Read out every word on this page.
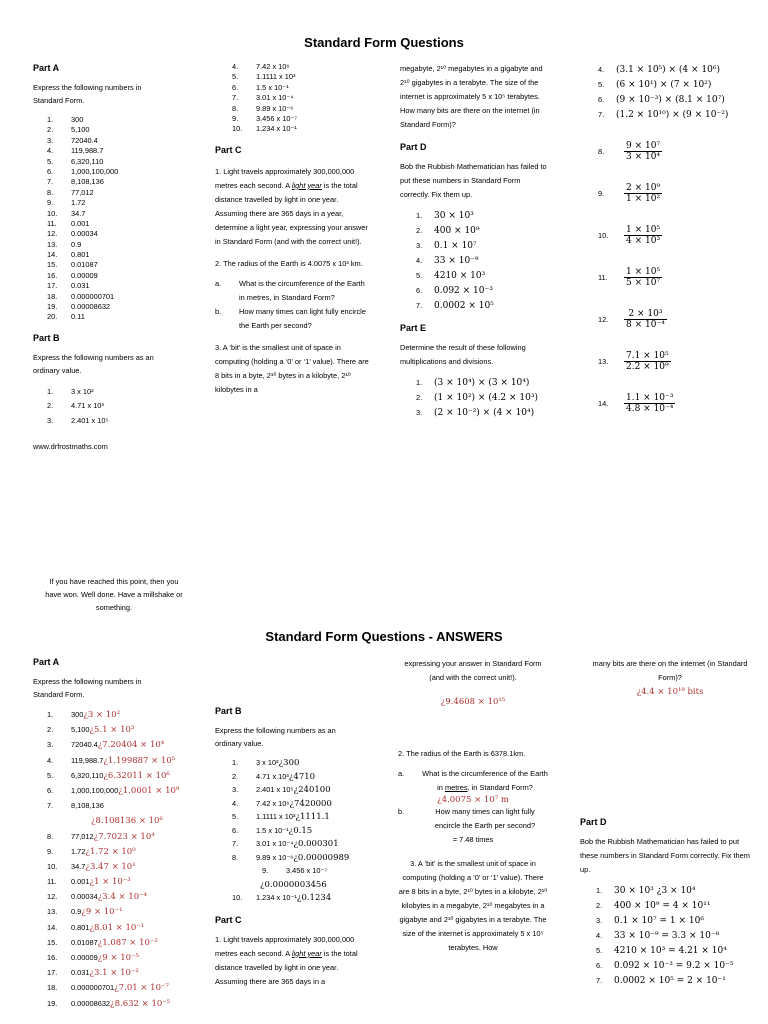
Standard Form Questions
Part A
Express the following numbers in Standard Form.
1. 300
2. 5,100
3. 72040.4
4. 119,988.7
5. 6,320,110
6. 1,000,100,000
7. 8,108,136
8. 77,012
9. 1.72
10. 34.7
11. 0.001
12. 0.00034
13. 0.9
14. 0.801
15. 0.01087
16. 0.00009
17. 0.031
18. 0.000000701
19. 0.00008632
20. 0.11
Part B
Express the following numbers as an ordinary value.
1. 3 x 10²
2. 4.71 x 10³
3. 2.401 x 10⁵
www.drfrostmaths.com
If you have reached this point, then you have won. Well done. Have a millshake or something.
4. 7.42 x 10⁶
5. 1.1111 x 10³
6. 1.5 x 10⁻¹
7. 3.01 x 10⁻⁴
8. 9.89 x 10⁻⁶
9. 3.456 x 10⁻⁷
10. 1.234 x 10⁻¹
Part C
1. Light travels approximately 300,000,000 metres each second. A light year is the total distance travelled by light in one year. Assuming there are 365 days in a year, determine a light year, expressing your answer in Standard Form (and with the correct unit!).
2. The radius of the Earth is 4.0075 x 10³ km.
a.	What is the circumference of the Earth in metres, in Standard Form?
b.	How many times can light fully encircle the Earth per second?
3. A ‘bit’ is the smallest unit of space in computing (holding a ‘0’ or ‘1’ value). There are 8 bits in a byte, 2¹⁰ bytes in a kilobyte, 2¹⁰ kilobytes in a
megabyte, 2¹⁰ megabytes in a gigabyte and 2¹⁰ gigabytes in a terabyte. The size of the internet is approximately 5 x 10⁵ terabytes. How many bits are there on the internet (in Standard Form)?
Part D
Bob the Rubbish Mathematician has failed to put these numbers in Standard Form correctly. Fix them up.
1. 30 × 10³
2. 400 × 10⁹
3. 0.1 × 10⁷
4. 33 × 10⁻⁹
5. 4210 × 10³
6. 0.092 × 10⁻³
7. 0.0002 × 10⁵
Part E
Determine the result of these following multiplications and divisions.
1. (3 × 10⁴) × (3 × 10⁴)
2. (1 × 10²) × (4.2 × 10³)
3. (2 × 10⁻²) × (4 × 10⁴)
4. (3.1 × 10⁵) × (4 × 10⁶)
5. (6 × 10¹) × (7 × 10²)
6. (9 × 10⁻³) × (8.1 × 10⁷)
7. (1.2 × 10¹⁰) × (9 × 10⁻²)
8.	$\frac{\text{9 × 10⁷}}{\text{3 × 10⁴}}$
9.	$\frac{\text{2 × 10⁹}}{\text{1 × 10²}}$
10.	$\frac{\text{1 × 10⁵}}{\text{4 × 10³}}$
11.	$\frac{\text{1 × 10⁵}}{\text{5 × 10⁷}}$
12.	$\frac{\text{2 × 10³}}{\text{8 × 10⁻⁴}}$
13.	$\frac{\text{7.1 × 10⁵}}{\text{2.2 × 10⁹}}$
14.	$\frac{\text{1.1 × 10⁻³}}{\text{4.8 × 10⁻⁴}}$
Standard Form Questions - ANSWERS
Part A
Express the following numbers in Standard Form.
1. 300¿3 × 10²
2. 5,100¿5.1 × 10³
3. 72040.4¿7.20404 × 10⁴
4. 119,988.7¿1.199887 × 10⁵
5. 6,320,110¿6.32011 × 10⁶
6. 1,000,100,000¿1.0001 × 10⁹
7. 8,108,136
¿8.108136 × 10⁶
8. 77,012¿7.7023 × 10⁴
9. 1.72¿1.72 × 10⁰
10. 34.7¿3.47 × 10¹
11. 0.001¿1 × 10⁻³
12. 0.00034¿3.4 × 10⁻⁴
13. 0.9¿9 × 10⁻¹
14. 0.801¿8.01 × 10⁻¹
15. 0.01087¿1.087 × 10⁻²
16. 0.00009¿9 × 10⁻⁵
17. 0.031¿3.1 × 10⁻²
18. 0.000000701¿7.01 × 10⁻⁷
19. 0.00008632¿8.632 × 10⁻⁵
Part B
Express the following numbers as an ordinary value.
1. 3 x 10²¿300
2. 4.71 x 10³¿4710
3. 2.401 x 10⁵¿240100
4. 7.42 x 10⁶¿7420000
5. 1.1111 x 10³¿1111.1
6. 1.5 x 10⁻¹¿0.15
7. 3.01 x 10⁻⁴¿0.000301
8. 9.89 x 10⁻⁶¿0.00000989
9. 3.456 x 10⁻⁷
¿0.0000003456
10. 1.234 x 10⁻¹¿0.1234
Part C
1. Light travels approximately 300,000,000 metres each second. A light year is the total distance travelled by light in one year. Assuming there are 365 days in a
expressing your answer in Standard Form (and with the correct unit!).
¿9.4608 × 10¹⁵
2. The radius of the Earth is 6378.1km.
a.	What is the circumference of the Earth in metres, in Standard Form?
¿4.0075 × 10⁷ m
b.	How many times can light fully encircle the Earth per second?
= 7.48 times
3. A ‘bit’ is the smallest unit of space in computing (holding a ‘0’ or ‘1’ value). There are 8 bits in a byte, 2¹⁰ bytes in a kilobyte, 2¹⁰ kilobytes in a megabyte, 2¹⁰ megabytes in a gigabyte and 2¹⁰ gigabytes in a terabyte. The size of the internet is approximately 5 x 10⁵ terabytes. How
many bits are there on the internet (in Standard Form)?
¿4.4 × 10¹⁹ bits
Part D
Bob the Rubbish Mathematician has failed to put these numbers in Standard Form correctly. Fix them up.
1. 30 × 10³ ¿3 × 10⁴
2. 400 × 10⁹ = 4 × 10¹¹
3. 0.1 × 10⁷ = 1 × 10⁶
4. 33 × 10⁻⁹ = 3.3 × 10⁻⁸
5. 4210 × 10³ = 4.21 × 10⁴
6. 0.092 × 10⁻³ = 9.2 × 10⁻⁵
7. 0.0002 × 10⁵ = 2 × 10⁻¹
